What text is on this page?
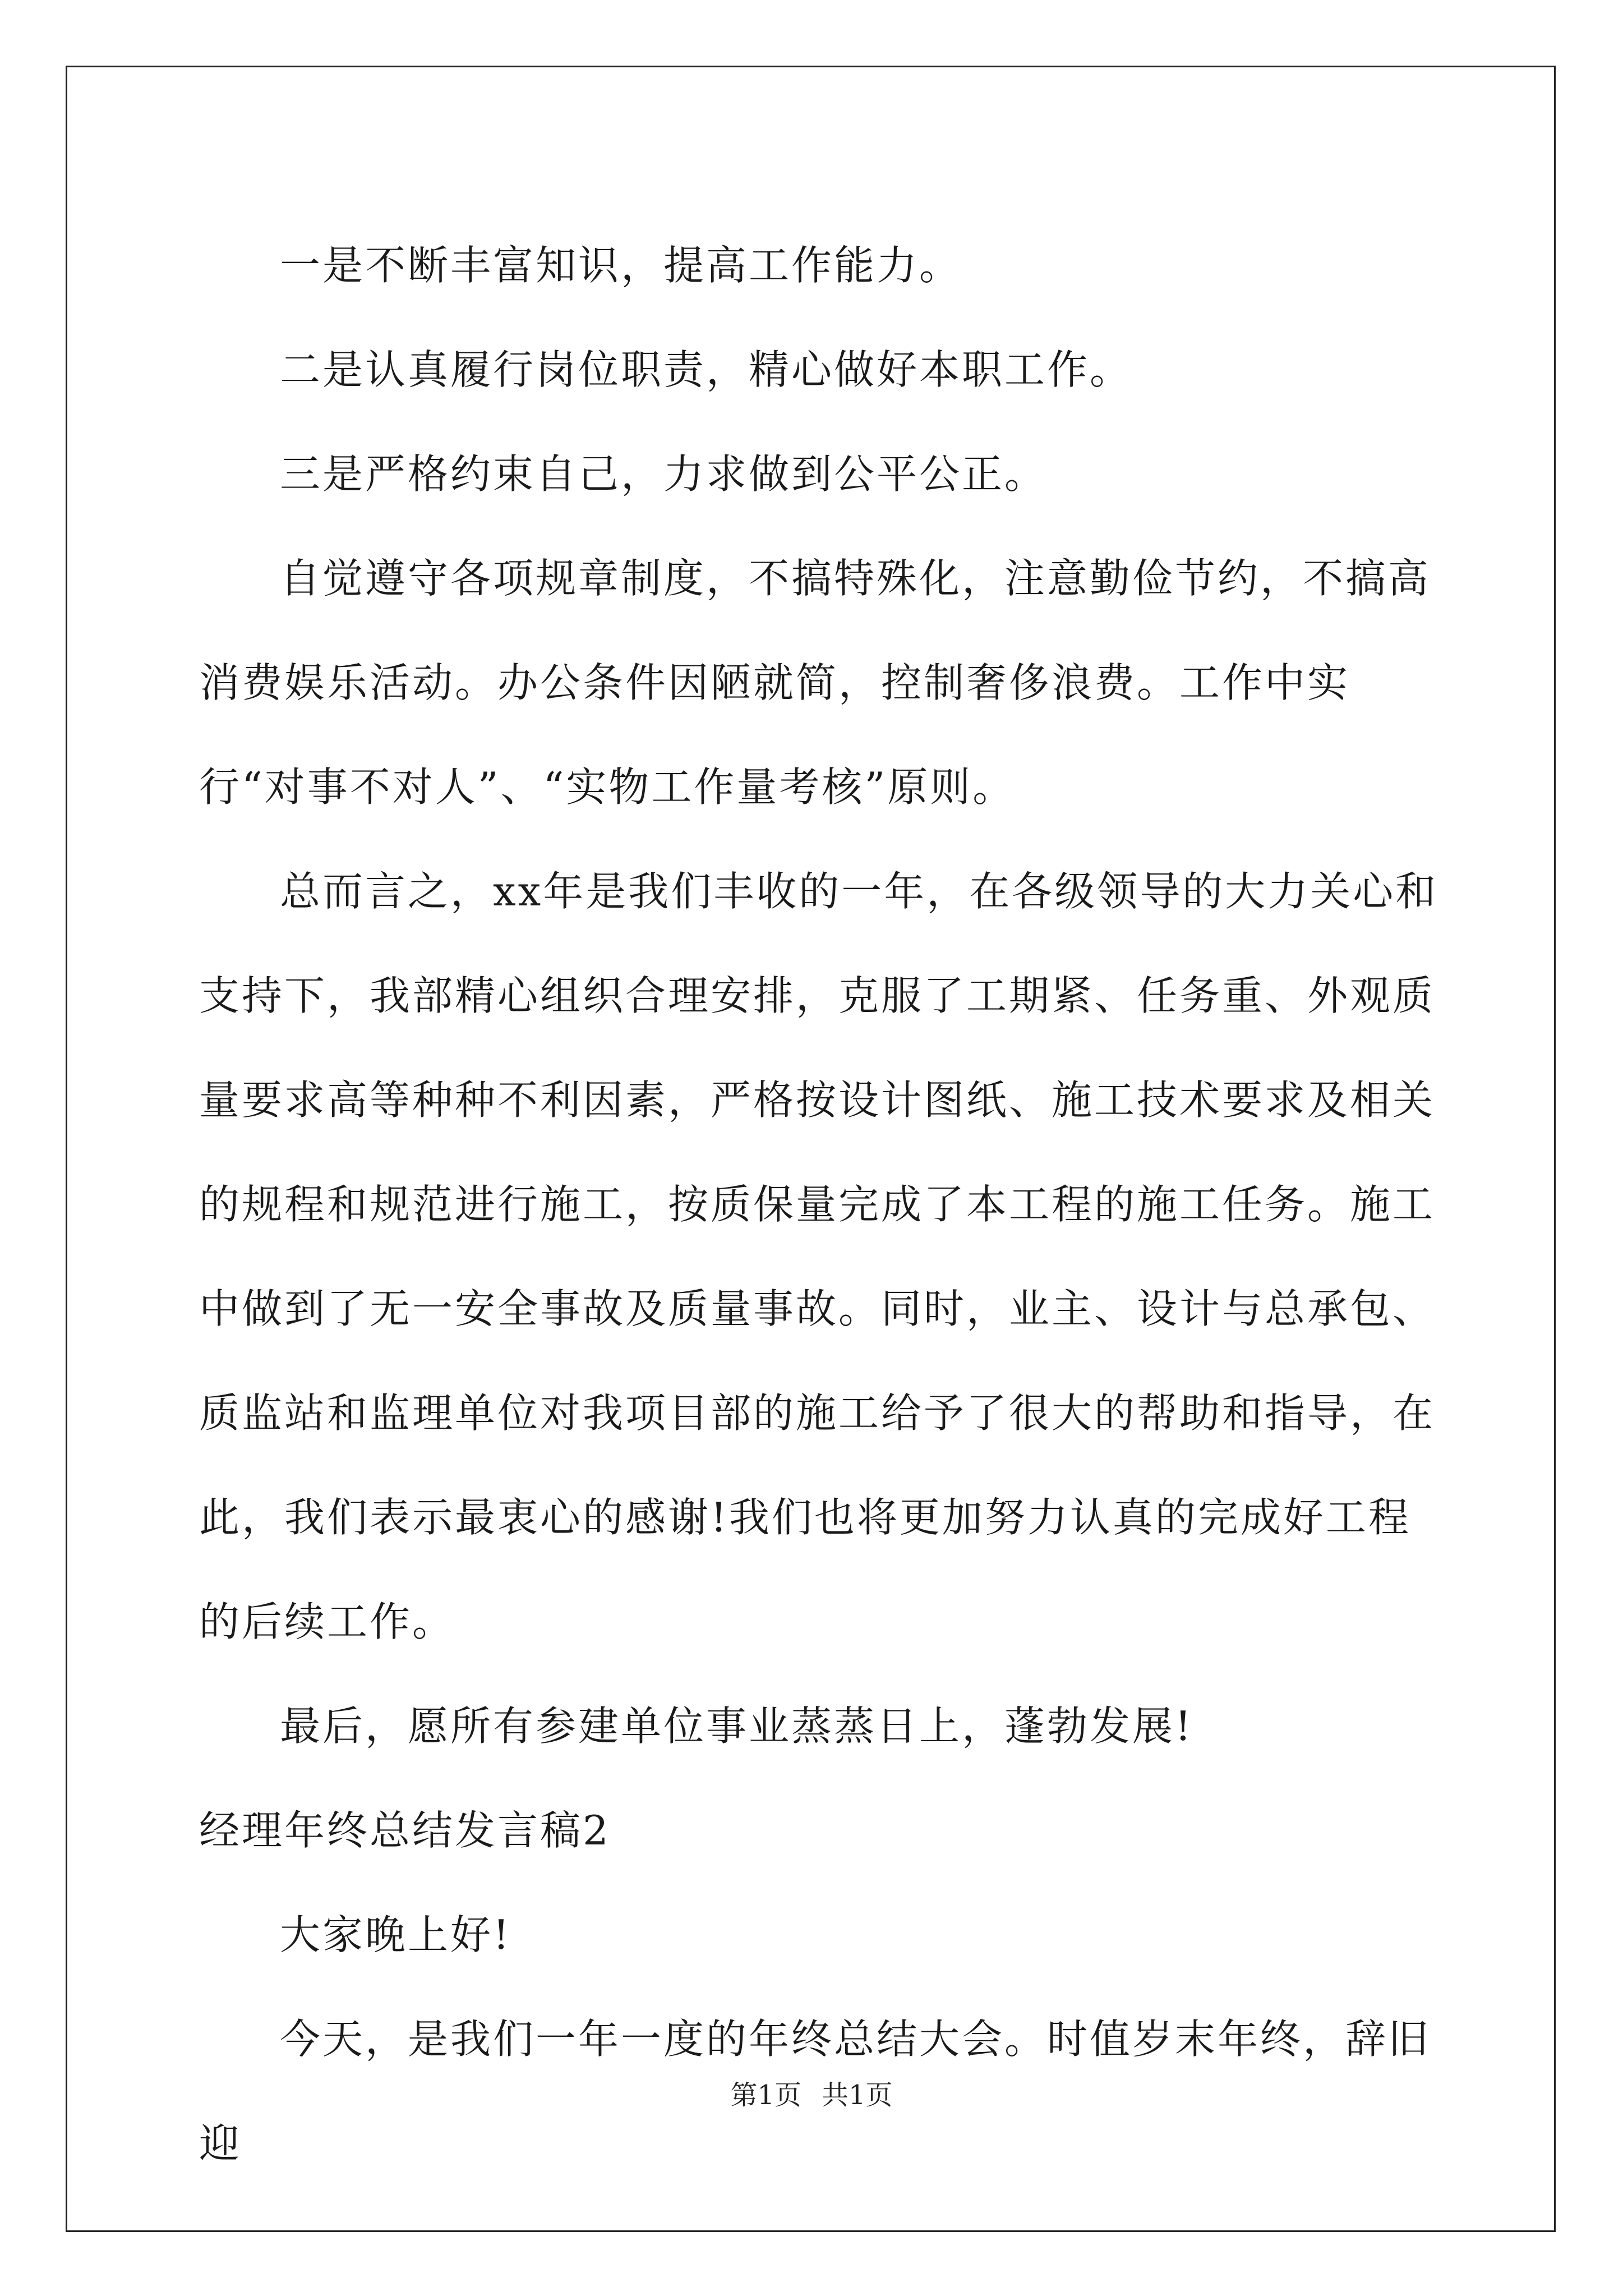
一是不断丰富知识，提高工作能力。

二是认真履行岗位职责，精心做好本职工作。

三是严格约束自己，力求做到公平公正。

自觉遵守各项规章制度，不搞特殊化，注意勤俭节约，不搞高消费娱乐活动。办公条件因陋就简，控制奢侈浪费。工作中实行“对事不对人”、“实物工作量考核”原则。

总而言之，xx年是我们丰收的一年，在各级领导的大力关心和支持下，我部精心组织合理安排，克服了工期紧、任务重、外观质量要求高等种种不利因素，严格按设计图纸、施工技术要求及相关的规程和规范进行施工，按质保量完成了本工程的施工任务。施工中做到了无一安全事故及质量事故。同时，业主、设计与总承包、质监站和监理单位对我项目部的施工给予了很大的帮助和指导，在此，我们表示最衷心的感谢!我们也将更加努力认真的完成好工程的后续工作。

最后，愿所有参建单位事业蒸蒸日上，蓬勃发展!

经理年终总结发言稿2

大家晚上好!

今天，是我们一年一度的年终总结大会。时值岁末年终，辞旧迎

第1页 共1页
